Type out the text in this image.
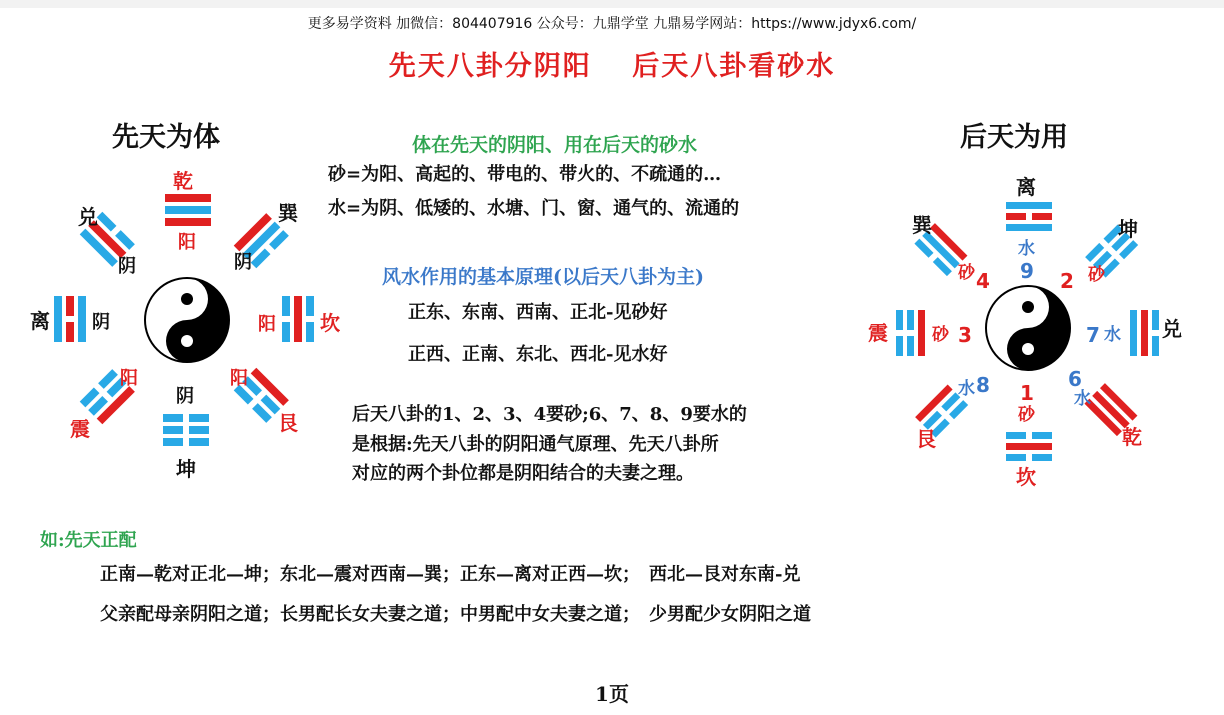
更多易学资料 加微信：804407916 公众号：九鼎学堂 九鼎易学网站：https://www.jdyx6.com/
先天八卦分阴阳　 后天八卦看砂水
先天为体
乾
兑	巽
离	坎
震	艮
坤
阳
阴	阴
阴	阳
阳	阳
阴
体在先天的阴阳、用在后天的砂水
砂=为阳、高起的、带电的、带火的、不疏通的…
水=为阴、低矮的、水塘、门、窗、通气的、流通的
风水作用的基本原理(以后天八卦为主)
正东、东南、西南、正北-见砂好
正西、正南、东北、西北-见水好
后天八卦的1、2、3、4要砂;6、7、8、9要水的
是根据:先天八卦的阴阳通气原理、先天八卦所
对应的两个卦位都是阴阳结合的夫妻之理。
后天为用
离
坤
兑
乾
坎
艮
震
巽
水
砂
水
水
砂
水
砂
砂 9 2
7
6
1
8
3
4
如:先天正配
正南—乾对正北—坤；东北—震对西南—巽；正东—离对正西—坎；　西北—艮对东南-兑
父亲配母亲阴阳之道；长男配长女夫妻之道；中男配中女夫妻之道；　少男配少女阴阳之道
1页
